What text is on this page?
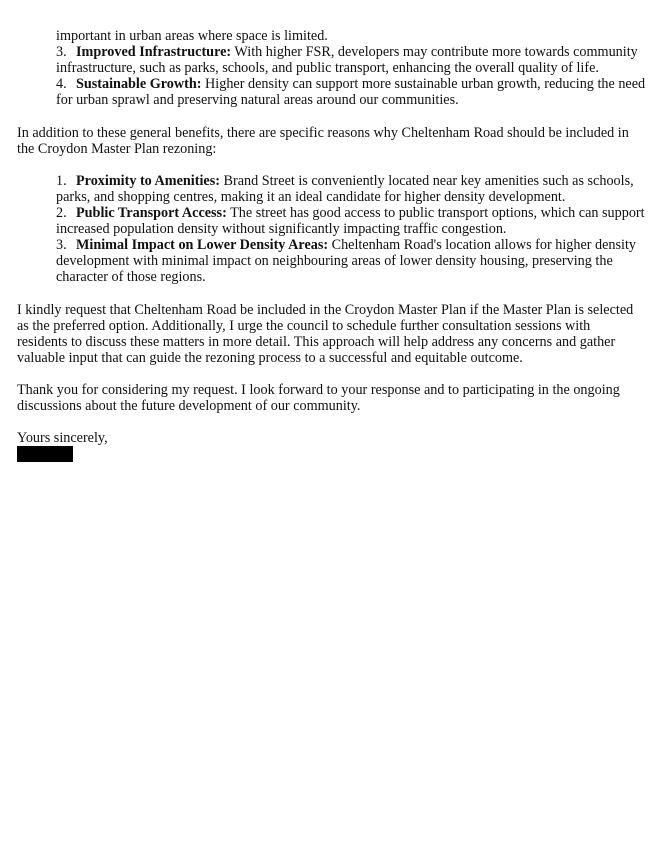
important in urban areas where space is limited.

3. Improved Infrastructure: With higher FSR, developers may contribute more towards community infrastructure, such as parks, schools, and public transport, enhancing the overall quality of life.

4. Sustainable Growth: Higher density can support more sustainable urban growth, reducing the need for urban sprawl and preserving natural areas around our communities.

In addition to these general benefits, there are specific reasons why Cheltenham Road should be included in the Croydon Master Plan rezoning:

1. Proximity to Amenities: Brand Street is conveniently located near key amenities such as schools, parks, and shopping centres, making it an ideal candidate for higher density development.

2. Public Transport Access: The street has good access to public transport options, which can support increased population density without significantly impacting traffic congestion.

3. Minimal Impact on Lower Density Areas: Cheltenham Road's location allows for higher density development with minimal impact on neighbouring areas of lower density housing, preserving the character of those regions.

I kindly request that Cheltenham Road be included in the Croydon Master Plan if the Master Plan is selected as the preferred option. Additionally, I urge the council to schedule further consultation sessions with residents to discuss these matters in more detail. This approach will help address any concerns and gather valuable input that can guide the rezoning process to a successful and equitable outcome.

Thank you for considering my request. I look forward to your response and to participating in the ongoing discussions about the future development of our community.

Yours sincerely,
